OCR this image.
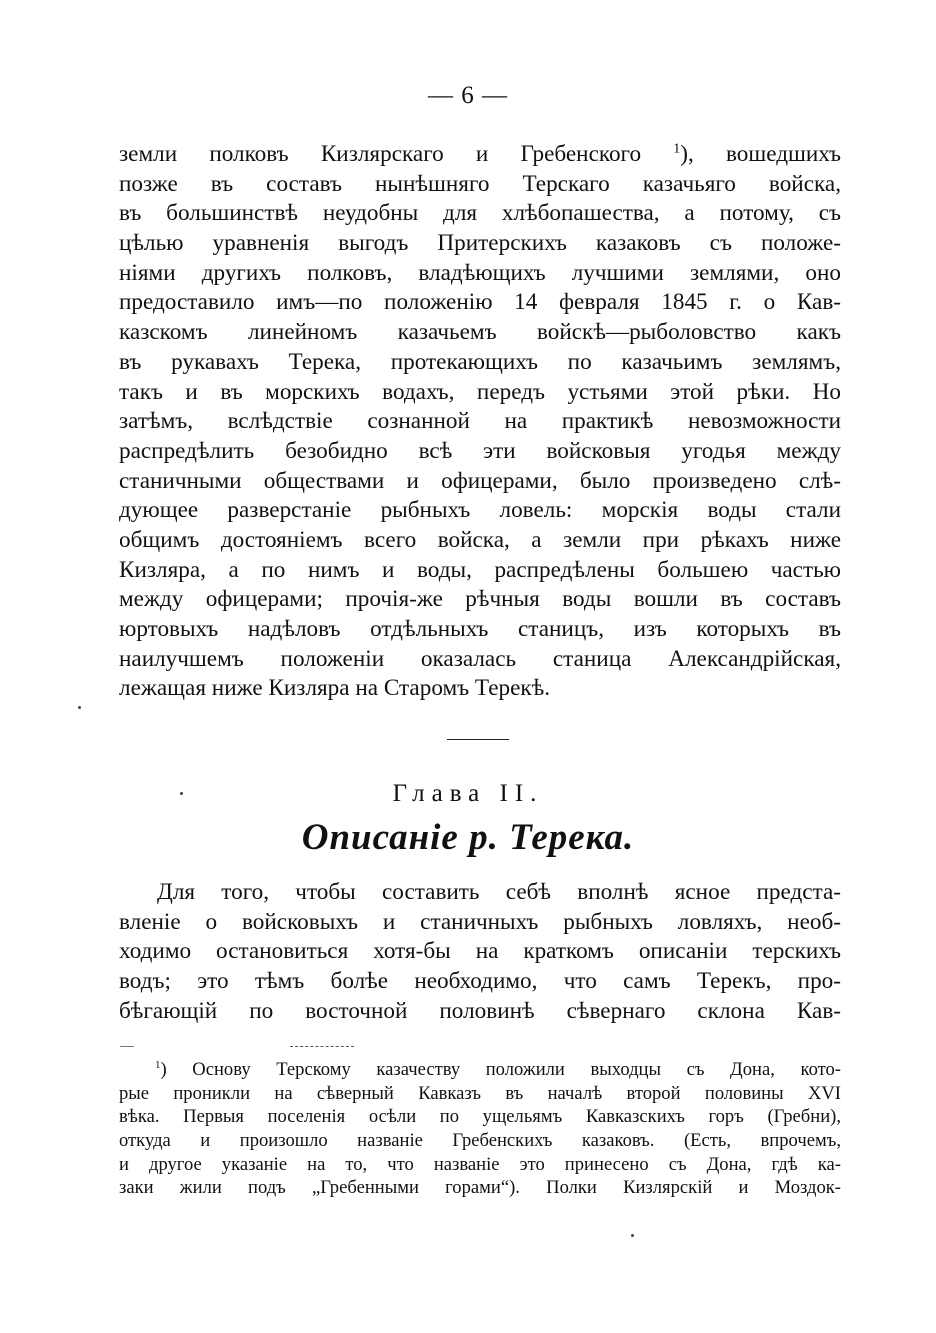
— 6 —
земли полковъ Кизлярскаго и Гребенского $^1$), вошедшихъ
позже въ составъ нынѣшняго Терскаго казачьяго войска,
въ большинствѣ неудобны для хлѣбопашества, а потому, съ
цѣлью уравненія выгодъ Притерскихъ казаковъ съ положе-
ніями другихъ полковъ, владѣющихъ лучшими землями, оно
предоставило имъ—по положенію 14 февраля 1845 г. о Кав-
казскомъ линейномъ казачьемъ войскѣ—рыболовство какъ
въ рукавахъ Терека, протекающихъ по казачьимъ землямъ,
такъ и въ морскихъ водахъ, передъ устьями этой рѣки. Но
затѣмъ, вслѣдствіе сознанной на практикѣ невозможности
распредѣлить безобидно всѣ эти войсковыя угодья между
станичными обществами и офицерами, было произведено слѣ-
дующее разверстаніе рыбныхъ ловель: морскія воды стали
общимъ достояніемъ всего войска, а земли при рѣкахъ ниже
Кизляра, а по нимъ и воды, распредѣлены большею частью
между офицерами; прочія-же рѣчныя воды вошли въ составъ
юртовыхъ надѣловъ отдѣльныхъ станицъ, изъ которыхъ въ
наилучшемъ положеніи оказалась станица Александрійская,
лежащая ниже Кизляра на Старомъ Терекѣ.
Глава II.
Описаніе р. Терека.
Для того, чтобы составить себѣ вполнѣ ясное предста-
вленіе о войсковыхъ и станичныхъ рыбныхъ ловляхъ, необ-
ходимо остановиться хотя-бы на краткомъ описаніи терскихъ
водъ; это тѣмъ болѣе необходимо, что самъ Терекъ, про-
бѣгающій по восточной половинѣ сѣвернаго склона Кав-
$^1$) Основу Терскому казачеству положили выходцы съ Дона, кото-
рые проникли на сѣверный Кавказъ въ началѣ второй половины XVI
вѣка. Первыя поселенія осѣли по ущельямъ Кавказскихъ горъ (Гребни),
откуда и произошло названіе Гребенскихъ казаковъ. (Есть, впрочемъ,
и другое указаніе на то, что названіе это принесено съ Дона, гдѣ ка-
заки жили подъ „Гребенными горами“). Полки Кизлярскій и Моздок-
